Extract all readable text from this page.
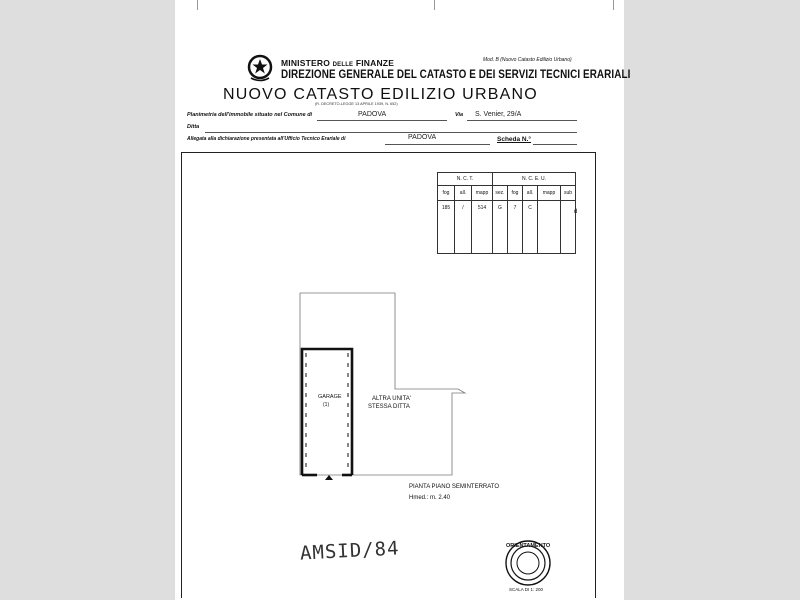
MINISTERO DELLE FINANZE	Mod. B (Nuovo Catasto Edilizio Urbano)
DIREZIONE GENERALE DEL CATASTO E DEI SERVIZI TECNICI ERARIALI
NUOVO CATASTO EDILIZIO URBANO
(R. DECRETO-LEGGE 13 APRILE 1939, N. 652)
Planimetria dell'immobile situato nel Comune di	PADOVA	Via S. Venier, 29/A
Ditta
Allegata alla dichiarazione presentata all'Ufficio Tecnico Erariale di	PADOVA	Scheda N.°
N. C. T.			N. C. E. U.				
fog	all.	mapp	sez.	fog	all.	mapp	sub
185	/	514	G	7	C		
d
GARAGE
(1)
ALTRA UNITA'
STESSA DITTA
PIANTA PIANO SEMINTERRATO
Hmed.: m. 2.40
AMSID/84	ORIENTAMENTO
SCALA DI 1: 200
